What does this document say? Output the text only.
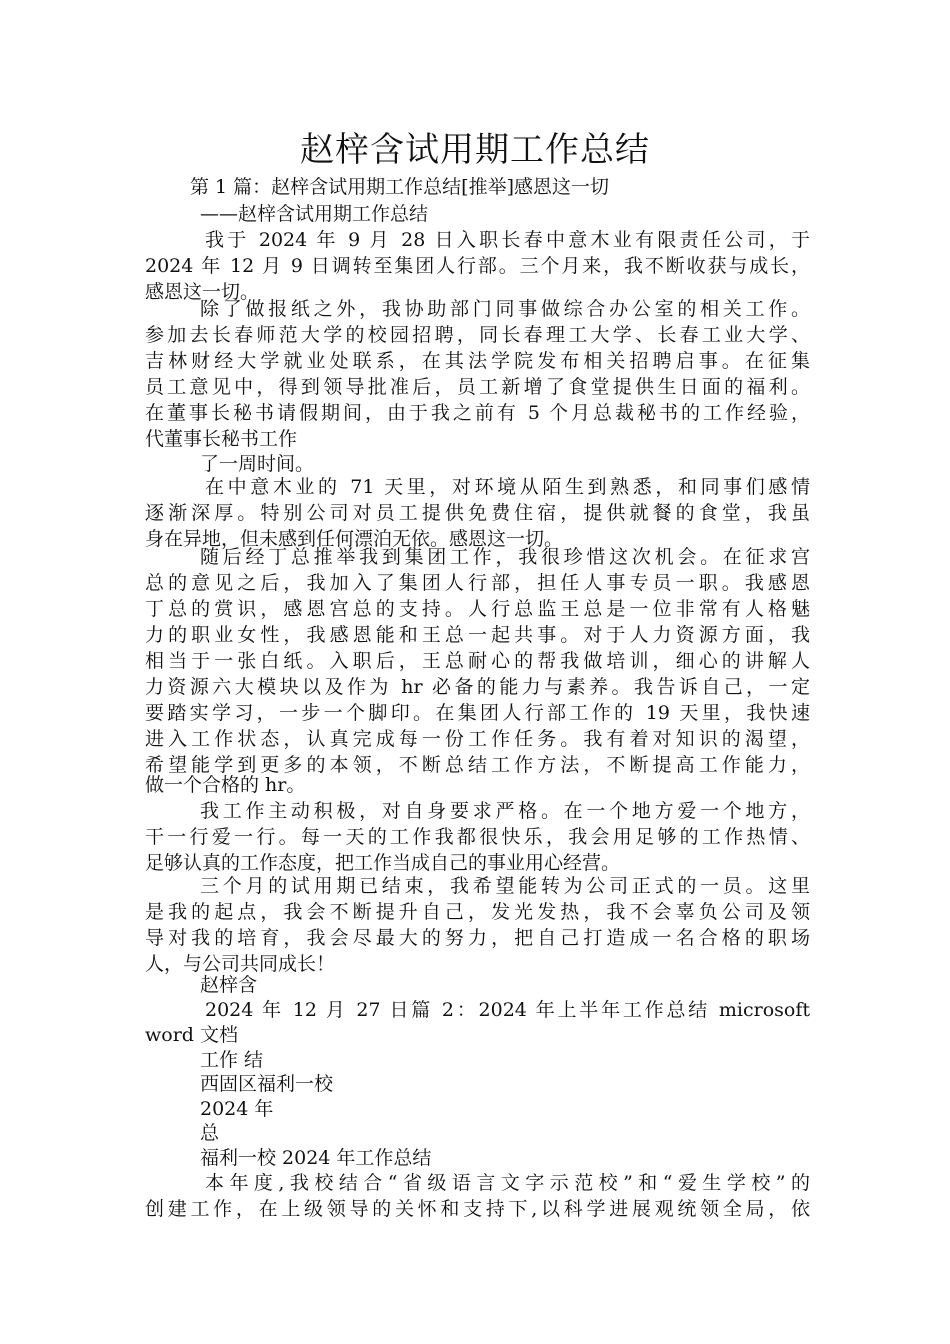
赵梓含试用期工作总结
第 1 篇：赵梓含试用期工作总结[推举]感恩这一切
——赵梓含试用期工作总结
我于 2024 年 9 月 28 日入职长春中意木业有限责任公司，于
2024 年 12 月 9 日调转至集团人行部。三个月来，我不断收获与成长，
感恩这一切。
除了做报纸之外，我协助部门同事做综合办公室的相关工作。
参加去长春师范大学的校园招聘，同长春理工大学、长春工业大学、
吉林财经大学就业处联系，在其法学院发布相关招聘启事。在征集
员工意见中，得到领导批准后，员工新增了食堂提供生日面的福利。
在董事长秘书请假期间，由于我之前有 5 个月总裁秘书的工作经验，
代董事长秘书工作
了一周时间。
在中意木业的 71 天里，对环境从陌生到熟悉，和同事们感情
逐渐深厚。特别公司对员工提供免费住宿，提供就餐的食堂，我虽
身在异地，但未感到任何漂泊无依。感恩这一切。
随后经丁总推举我到集团工作，我很珍惜这次机会。在征求宫
总的意见之后，我加入了集团人行部，担任人事专员一职。我感恩
丁总的赏识，感恩宫总的支持。人行总监王总是一位非常有人格魅
力的职业女性，我感恩能和王总一起共事。对于人力资源方面，我
相当于一张白纸。入职后，王总耐心的帮我做培训，细心的讲解人
力资源六大模块以及作为 hr 必备的能力与素养。我告诉自己，一定
要踏实学习，一步一个脚印。在集团人行部工作的 19 天里，我快速
进入工作状态，认真完成每一份工作任务。我有着对知识的渴望，
希望能学到更多的本领，不断总结工作方法，不断提高工作能力，
做一个合格的 hr。
我工作主动积极，对自身要求严格。在一个地方爱一个地方，
干一行爱一行。每一天的工作我都很快乐，我会用足够的工作热情、
足够认真的工作态度，把工作当成自己的事业用心经营。
三个月的试用期已结束，我希望能转为公司正式的一员。这里
是我的起点，我会不断提升自己，发光发热，我不会辜负公司及领
导对我的培育，我会尽最大的努力，把自己打造成一名合格的职场
人，与公司共同成长！
赵梓含
2024 年 12 月 27 日篇 2：2024 年上半年工作总结 microsoft
word 文档
工作 结
西固区福利一校
2024 年
总
福利一校 2024 年工作总结
本年度,我校结合“省级语言文字示范校”和“爱生学校”的
创建工作，在上级领导的关怀和支持下,以科学进展观统领全局，依
